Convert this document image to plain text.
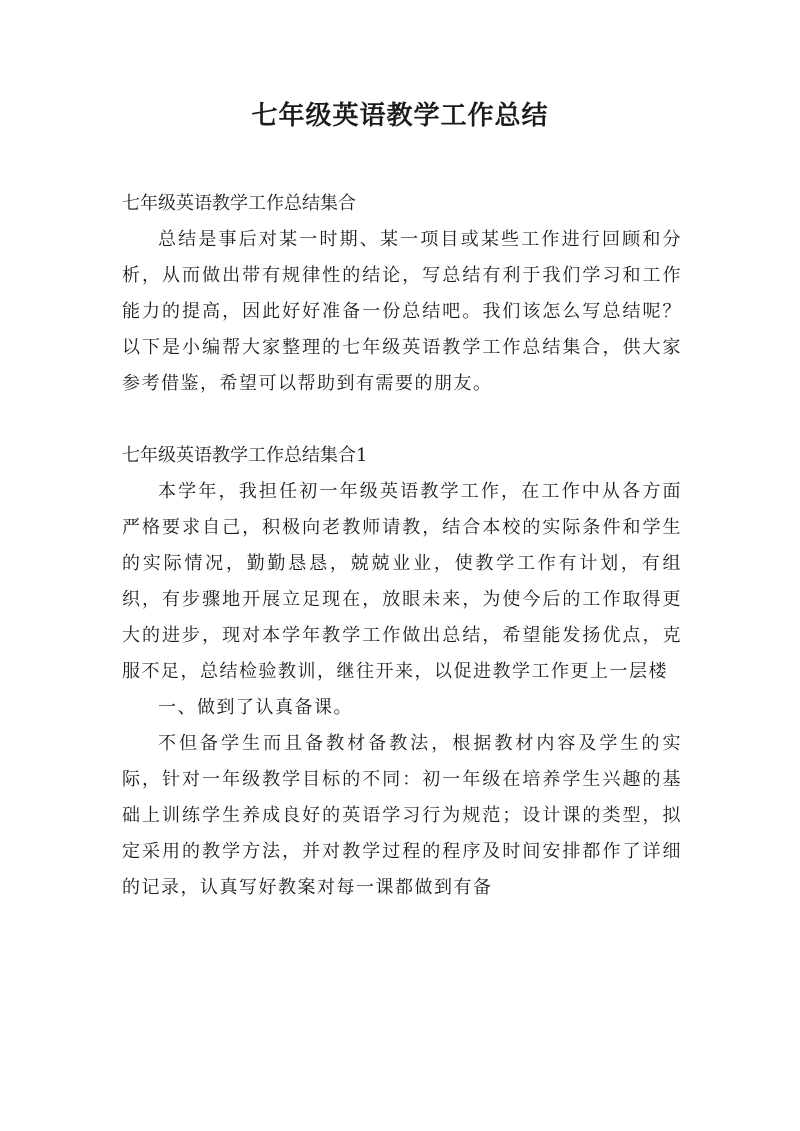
七年级英语教学工作总结

七年级英语教学工作总结集合

总结是事后对某一时期、某一项目或某些工作进行回顾和分析，从而做出带有规律性的结论，写总结有利于我们学习和工作能力的提高，因此好好准备一份总结吧。我们该怎么写总结呢？以下是小编帮大家整理的七年级英语教学工作总结集合，供大家参考借鉴，希望可以帮助到有需要的朋友。

七年级英语教学工作总结集合1

本学年，我担任初一年级英语教学工作，在工作中从各方面严格要求自己，积极向老教师请教，结合本校的实际条件和学生的实际情况，勤勤恳恳，兢兢业业，使教学工作有计划，有组织，有步骤地开展立足现在，放眼未来，为使今后的工作取得更大的进步，现对本学年教学工作做出总结，希望能发扬优点，克服不足，总结检验教训，继往开来，以促进教学工作更上一层楼

一、做到了认真备课。

不但备学生而且备教材备教法，根据教材内容及学生的实际，针对一年级教学目标的不同：初一年级在培养学生兴趣的基础上训练学生养成良好的英语学习行为规范；设计课的类型，拟定采用的教学方法，并对教学过程的程序及时间安排都作了详细的记录，认真写好教案对每一课都做到有备
